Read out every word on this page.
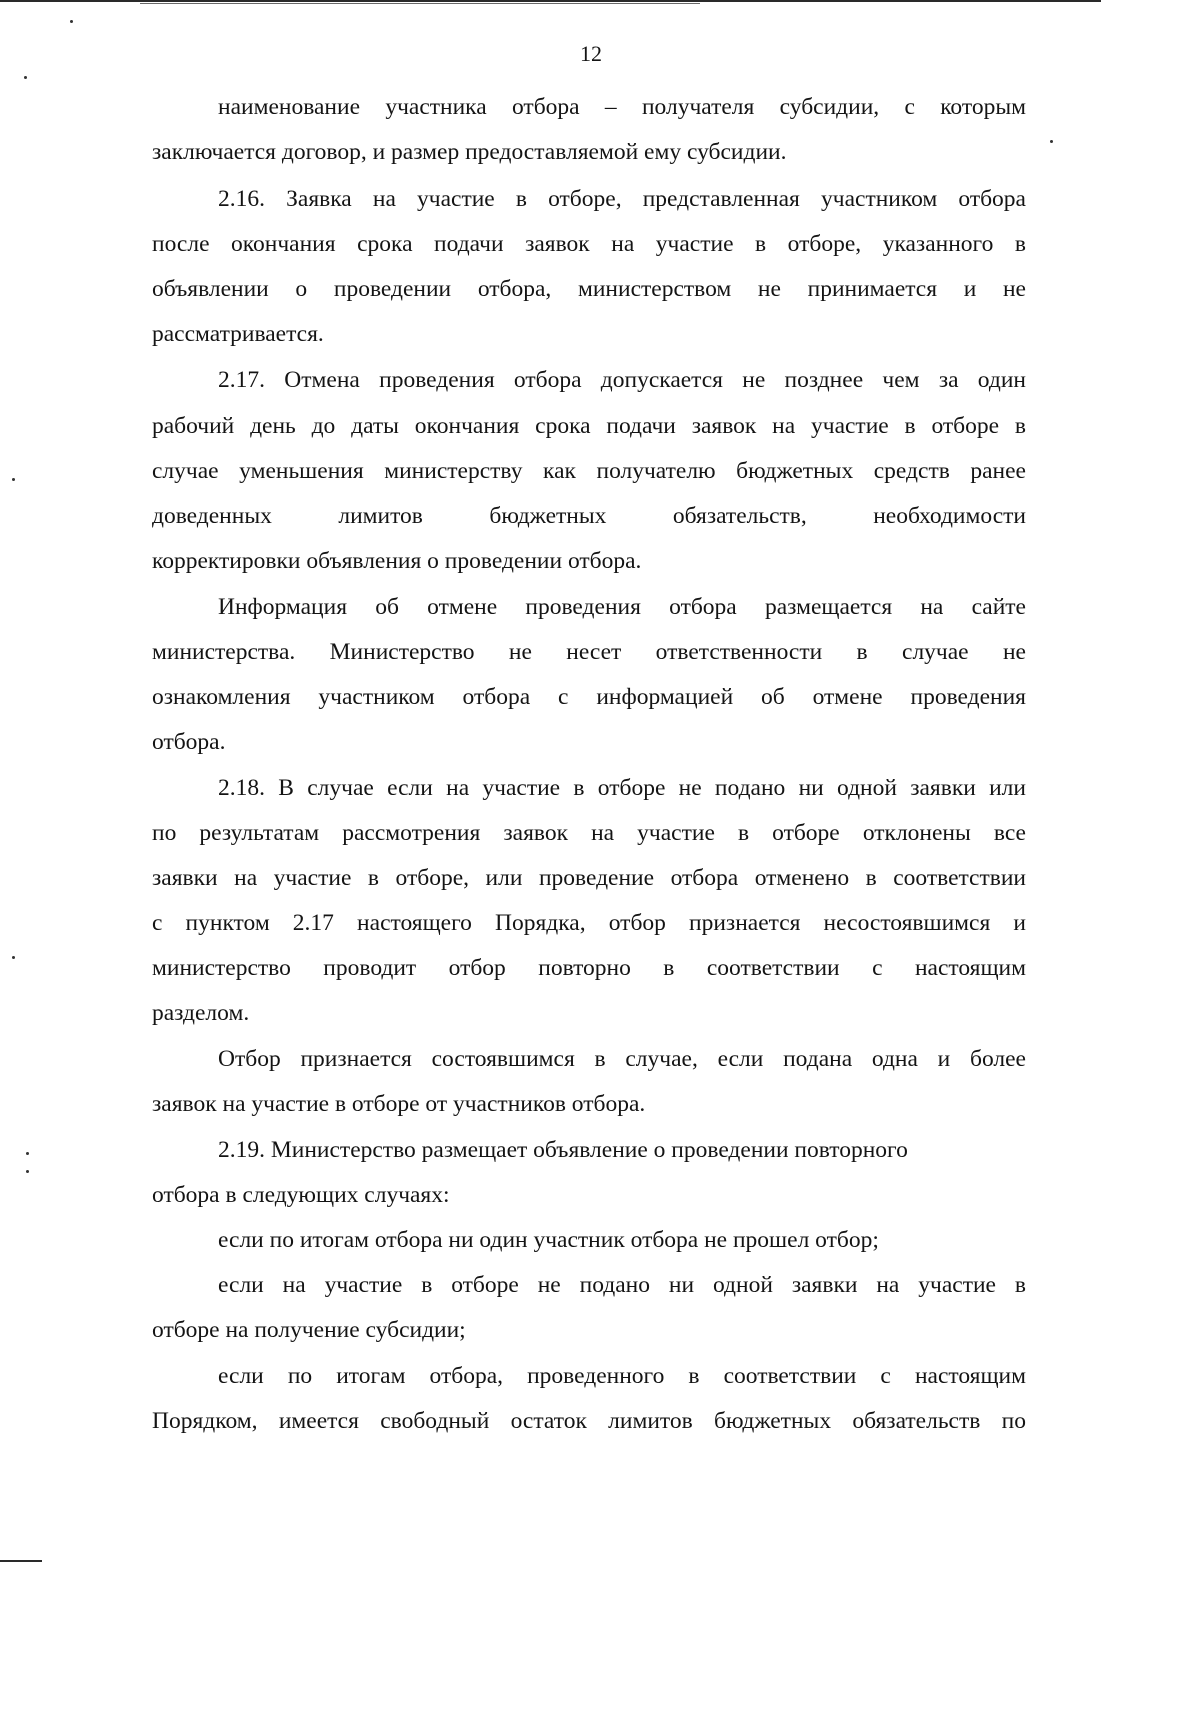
12
наименование участника отбора – получателя субсидии, с которым
заключается договор, и размер предоставляемой ему субсидии.
2.16. Заявка на участие в отборе, представленная участником отбора
после окончания срока подачи заявок на участие в отборе, указанного в
объявлении о проведении отбора, министерством не принимается и не
рассматривается.
2.17. Отмена проведения отбора допускается не позднее чем за один
рабочий день до даты окончания срока подачи заявок на участие в отборе в
случае уменьшения министерству как получателю бюджетных средств ранее
доведенных лимитов бюджетных обязательств, необходимости
корректировки объявления о проведении отбора.
Информация об отмене проведения отбора размещается на сайте
министерства. Министерство не несет ответственности в случае не
ознакомления участником отбора с информацией об отмене проведения
отбора.
2.18. В случае если на участие в отборе не подано ни одной заявки или
по результатам рассмотрения заявок на участие в отборе отклонены все
заявки на участие в отборе, или проведение отбора отменено в соответствии
с пунктом 2.17 настоящего Порядка, отбор признается несостоявшимся и
министерство проводит отбор повторно в соответствии с настоящим
разделом.
Отбор признается состоявшимся в случае, если подана одна и более
заявок на участие в отборе от участников отбора.
2.19. Министерство размещает объявление о проведении повторного
отбора в следующих случаях:
если по итогам отбора ни один участник отбора не прошел отбор;
если на участие в отборе не подано ни одной заявки на участие в
отборе на получение субсидии;
если по итогам отбора, проведенного в соответствии с настоящим
Порядком, имеется свободный остаток лимитов бюджетных обязательств по
